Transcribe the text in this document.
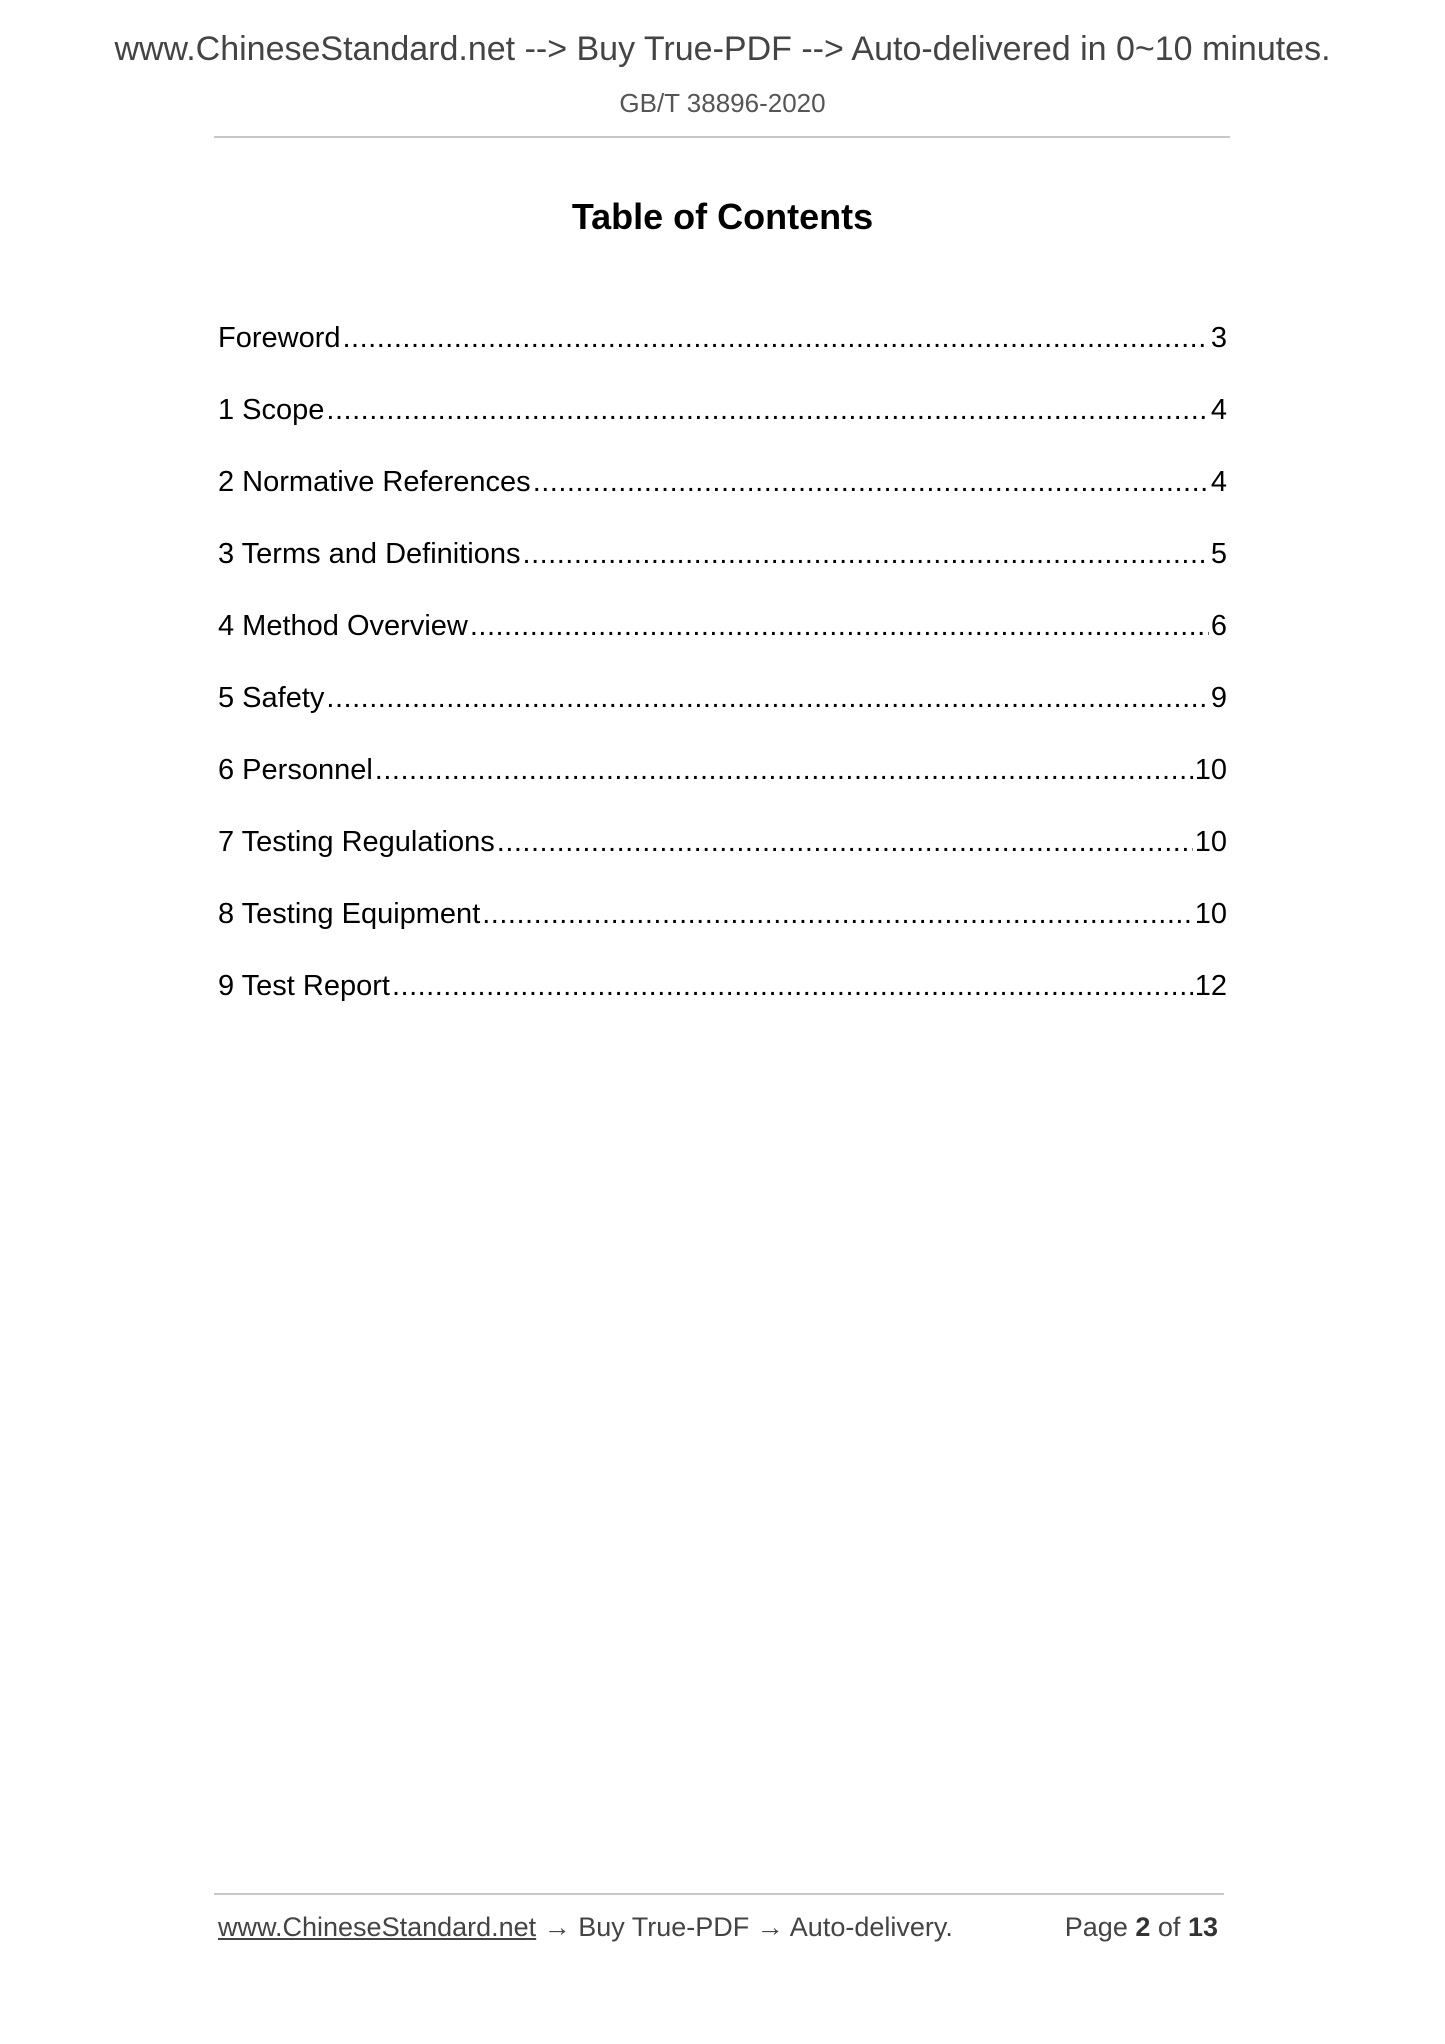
www.ChineseStandard.net --> Buy True-PDF --> Auto-delivered in 0~10 minutes.
GB/T 38896-2020
Table of Contents
Foreword .....	3
1 Scope .....	4
2 Normative References .....	4
3 Terms and Definitions .....	5
4 Method Overview .....	6
5 Safety .....	9
6 Personnel .....	10
7 Testing Regulations .....	10
8 Testing Equipment .....	10
9 Test Report .....	12
www.ChineseStandard.net → Buy True-PDF → Auto-delivery.	Page 2 of 13
